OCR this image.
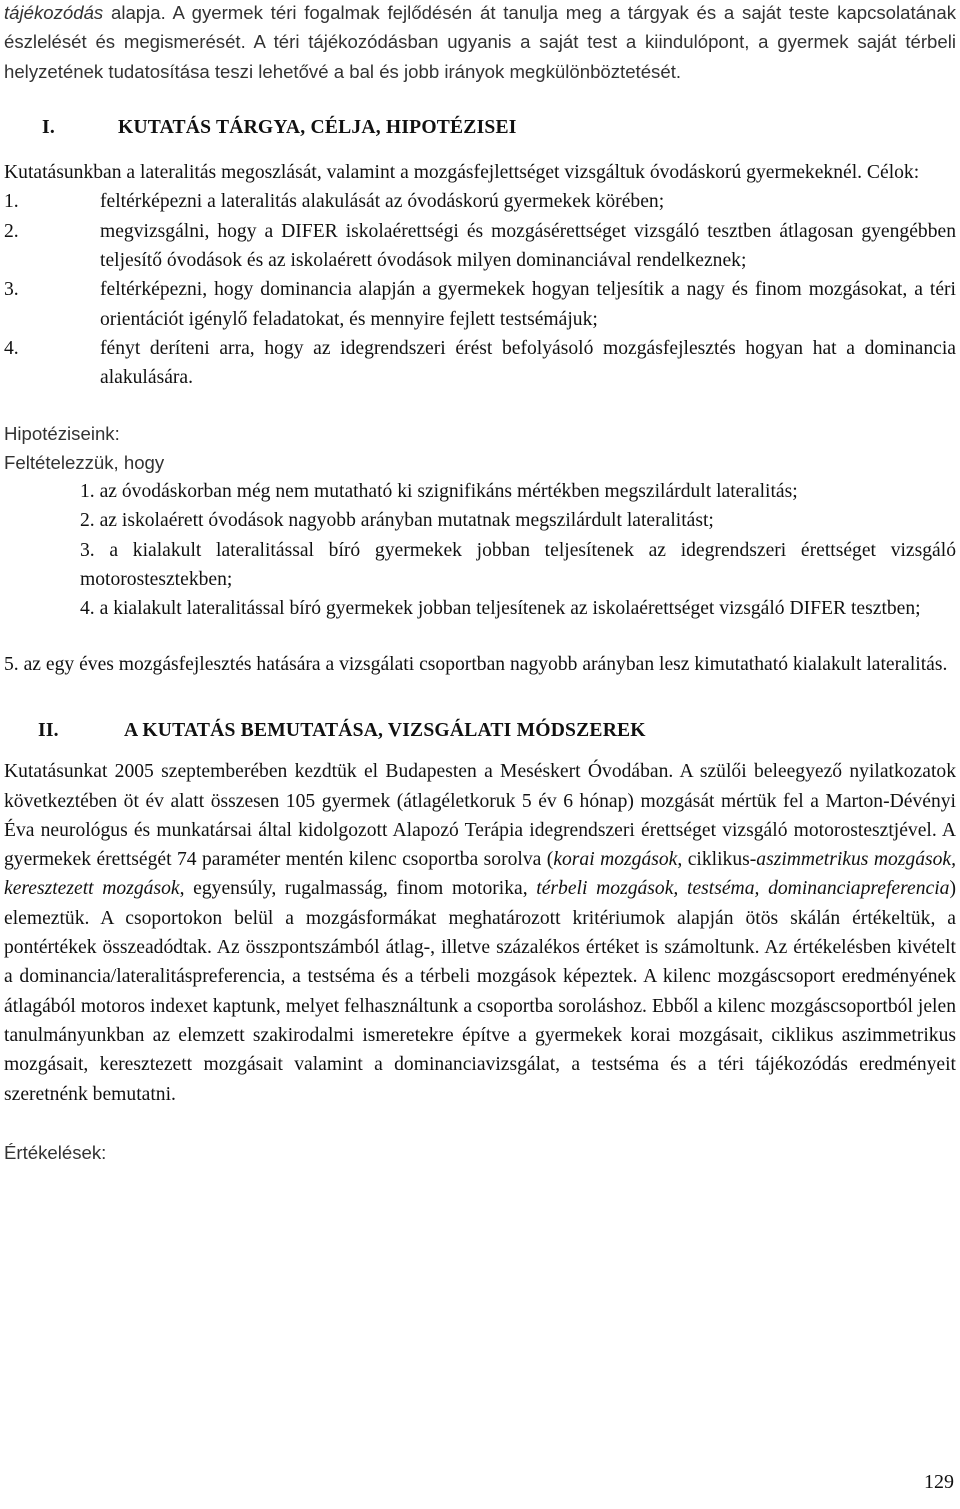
tájékozódás alapja. A gyermek téri fogalmak fejlődésén át tanulja meg a tárgyak és a saját teste kapcsolatának észlelését és megismerését. A téri tájékozódásban ugyanis a saját test a kiindulópont, a gyermek saját térbeli helyzetének tudatosítása teszi lehetővé a bal és jobb irányok megkülönböztetését.

I.	KUTATÁS TÁRGYA, CÉLJA, HIPOTÉZISEI

Kutatásunkban a lateralitás megoszlását, valamint a mozgásfejlettséget vizsgáltuk óvodáskorú gyermekeknél. Célok:

1.	feltérképezni a lateralitás alakulását az óvodáskorú gyermekek körében;
2.	megvizsgálni, hogy a DIFER iskolaérettségi és mozgásérettséget vizsgáló tesztben átlagosan gyengébben teljesítő óvodások és az iskolaérett óvodások milyen dominanciával rendelkeznek;
3.	feltérképezni, hogy dominancia alapján a gyermekek hogyan teljesítik a nagy és finom mozgásokat, a téri orientációt igénylő feladatokat, és mennyire fejlett testsémájuk;
4.	fényt deríteni arra, hogy az idegrendszeri érést befolyásoló mozgásfejlesztés hogyan hat a dominancia alakulására.

Hipotéziseink:

Feltételezzük, hogy

1. az óvodáskorban még nem mutatható ki szignifikáns mértékben megszilárdult lateralitás;
2. az iskolaérett óvodások nagyobb arányban mutatnak megszilárdult lateralitást;
3. a kialakult lateralitással bíró gyermekek jobban teljesítenek az idegrendszeri érettséget vizsgáló motorostesztekben;
4. a kialakult lateralitással bíró gyermekek jobban teljesítenek az iskolaérettséget vizsgáló DIFER tesztben;

5. az egy éves mozgásfejlesztés hatására a vizsgálati csoportban nagyobb arányban lesz kimutatható kialakult lateralitás.

II.	A KUTATÁS BEMUTATÁSA, VIZSGÁLATI MÓDSZEREK

Kutatásunkat 2005 szeptemberében kezdtük el Budapesten a Meséskert Óvodában. A szülői beleegyező nyilatkozatok következtében öt év alatt összesen 105 gyermek (átlagéletkoruk 5 év 6 hónap) mozgását mértük fel a Marton-Dévényi Éva neurológus és munkatársai által kidolgozott Alapozó Terápia idegrendszeri érettséget vizsgáló motorostesztjével. A gyermekek érettségét 74 paraméter mentén kilenc csoportba sorolva (korai mozgások, ciklikus-aszimmetrikus mozgások, keresztezett mozgások, egyensúly, rugalmasság, finom motorika, térbeli mozgások, testséma, dominanciapreferencia) elemeztük. A csoportokon belül a mozgásformákat meghatározott kritériumok alapján ötös skálán értékeltük, a pontértékek összeadódtak. Az összpontszámból átlag-, illetve százalékos értéket is számoltunk. Az értékelésben kivételt a dominancia/lateralitáspreferencia, a testséma és a térbeli mozgások képeztek. A kilenc mozgáscsoport eredményének átlagából motoros indexet kaptunk, melyet felhasználtunk a csoportba soroláshoz. Ebből a kilenc mozgáscsoportból jelen tanulmányunkban az elemzett szakirodalmi ismeretekre építve a gyermekek korai mozgásait, ciklikus aszimmetrikus mozgásait, keresztezett mozgásait valamint a dominanciavizsgálat, a testséma és a téri tájékozódás eredményeit szeretnénk bemutatni.

Értékelések:

129
